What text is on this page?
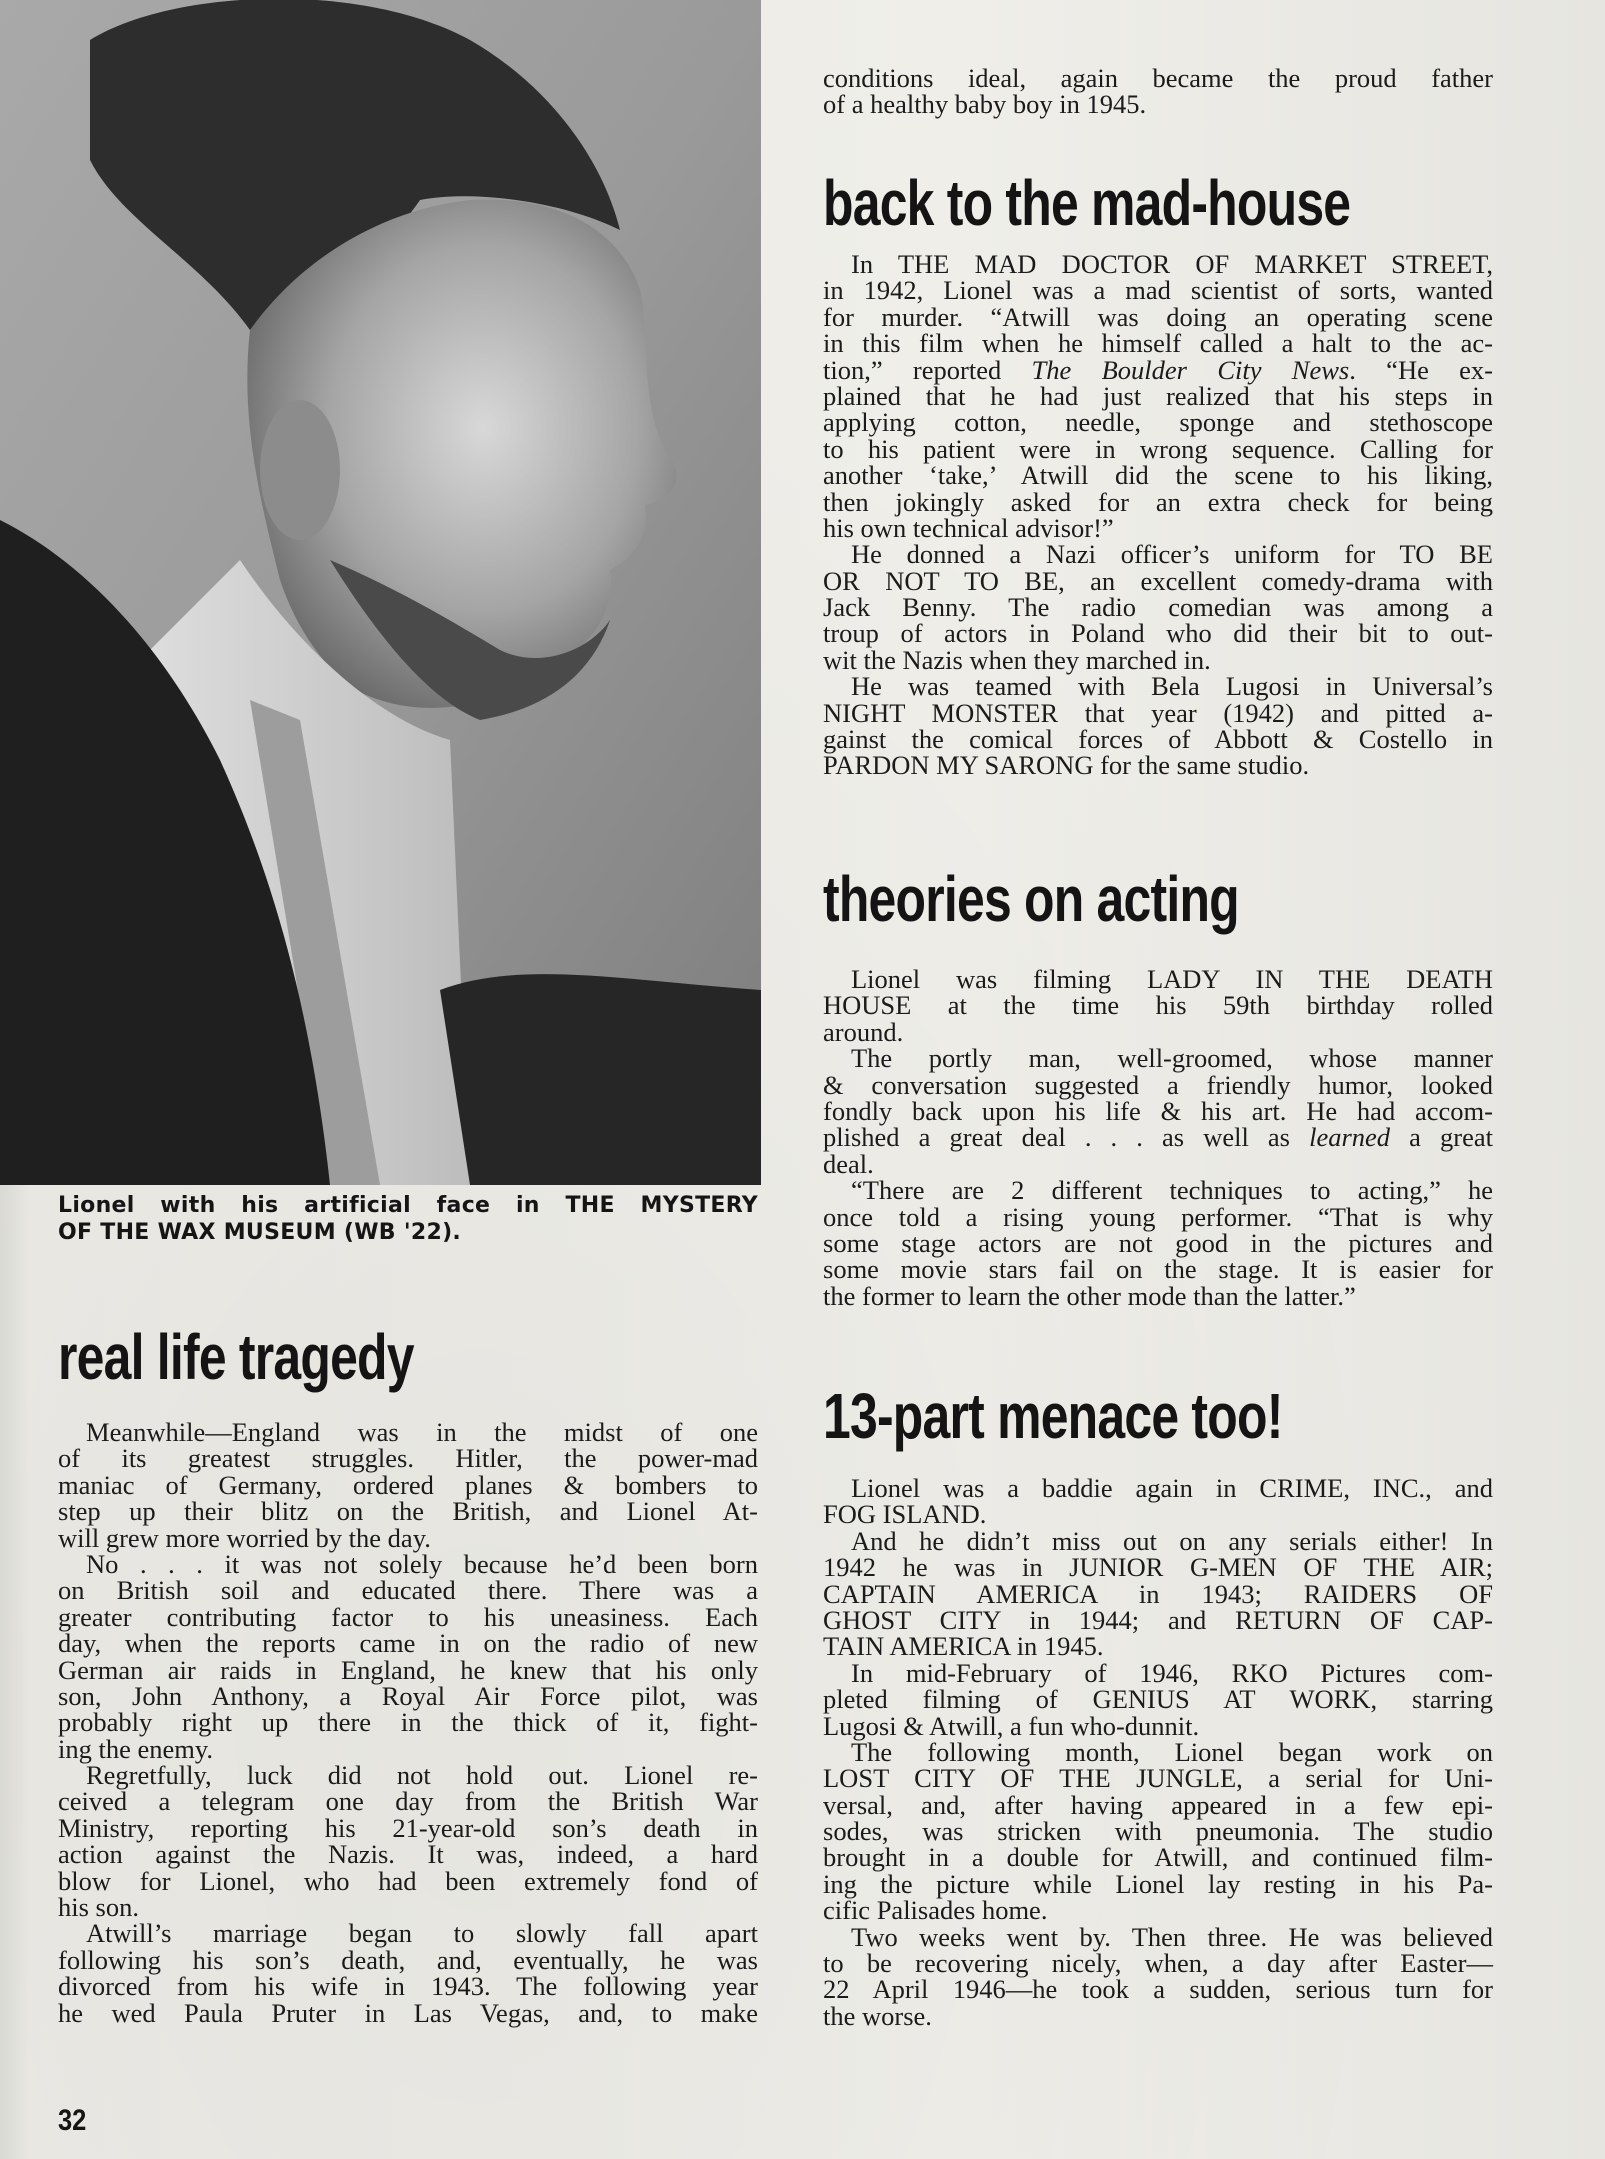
Lionel with his artificial face in THE MYSTERY
OF THE WAX MUSEUM (WB '22).
real life tragedy
Meanwhile—England was in the midst of one
of its greatest struggles. Hitler, the power-mad
maniac of Germany, ordered planes & bombers to
step up their blitz on the British, and Lionel At-
will grew more worried by the day.
No . . . it was not solely because he’d been born
on British soil and educated there. There was a
greater contributing factor to his uneasiness. Each
day, when the reports came in on the radio of new
German air raids in England, he knew that his only
son, John Anthony, a Royal Air Force pilot, was
probably right up there in the thick of it, fight-
ing the enemy.
Regretfully, luck did not hold out. Lionel re-
ceived a telegram one day from the British War
Ministry, reporting his 21-year-old son’s death in
action against the Nazis. It was, indeed, a hard
blow for Lionel, who had been extremely fond of
his son.
Atwill’s marriage began to slowly fall apart
following his son’s death, and, eventually, he was
divorced from his wife in 1943. The following year
he wed Paula Pruter in Las Vegas, and, to make
conditions ideal, again became the proud father
of a healthy baby boy in 1945.
back to the mad-house
In THE MAD DOCTOR OF MARKET STREET,
in 1942, Lionel was a mad scientist of sorts, wanted
for murder. “Atwill was doing an operating scene
in this film when he himself called a halt to the ac-
tion,” reported The Boulder City News. “He ex-
plained that he had just realized that his steps in
applying cotton, needle, sponge and stethoscope
to his patient were in wrong sequence. Calling for
another ‘take,’ Atwill did the scene to his liking,
then jokingly asked for an extra check for being
his own technical advisor!”
He donned a Nazi officer’s uniform for TO BE
OR NOT TO BE, an excellent comedy-drama with
Jack Benny. The radio comedian was among a
troup of actors in Poland who did their bit to out-
wit the Nazis when they marched in.
He was teamed with Bela Lugosi in Universal’s
NIGHT MONSTER that year (1942) and pitted a-
gainst the comical forces of Abbott & Costello in
PARDON MY SARONG for the same studio.
theories on acting
Lionel was filming LADY IN THE DEATH
HOUSE at the time his 59th birthday rolled
around.
The portly man, well-groomed, whose manner
& conversation suggested a friendly humor, looked
fondly back upon his life & his art. He had accom-
plished a great deal . . . as well as learned a great
deal.
“There are 2 different techniques to acting,” he
once told a rising young performer. “That is why
some stage actors are not good in the pictures and
some movie stars fail on the stage. It is easier for
the former to learn the other mode than the latter.”
13-part menace too!
Lionel was a baddie again in CRIME, INC., and
FOG ISLAND.
And he didn’t miss out on any serials either! In
1942 he was in JUNIOR G-MEN OF THE AIR;
CAPTAIN AMERICA in 1943; RAIDERS OF
GHOST CITY in 1944; and RETURN OF CAP-
TAIN AMERICA in 1945.
In mid-February of 1946, RKO Pictures com-
pleted filming of GENIUS AT WORK, starring
Lugosi & Atwill, a fun who-dunnit.
The following month, Lionel began work on
LOST CITY OF THE JUNGLE, a serial for Uni-
versal, and, after having appeared in a few epi-
sodes, was stricken with pneumonia. The studio
brought in a double for Atwill, and continued film-
ing the picture while Lionel lay resting in his Pa-
cific Palisades home.
Two weeks went by. Then three. He was believed
to be recovering nicely, when, a day after Easter—
22 April 1946—he took a sudden, serious turn for
the worse.
32
